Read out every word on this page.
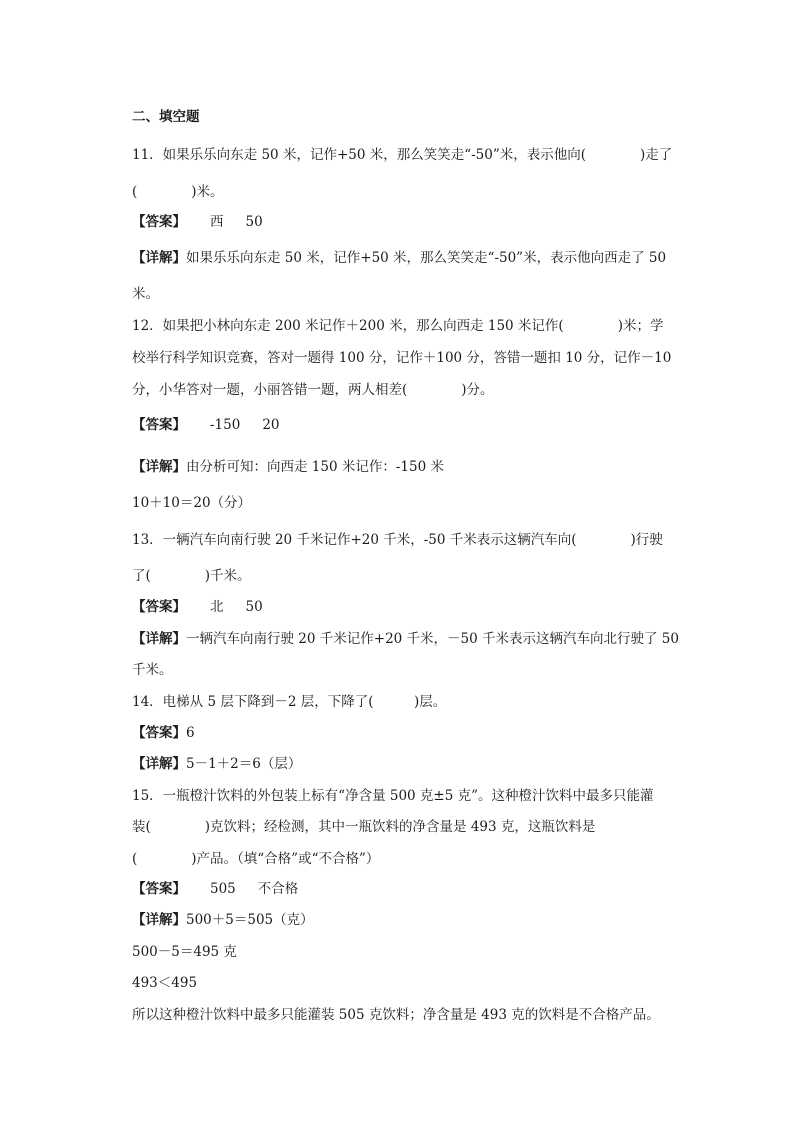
二、填空题
11．如果乐乐向东走 50 米，记作+50 米，那么笑笑走“-50”米，表示他向(　　　　)走了
(　　　　)米。
【答案】 西 50
【详解】如果乐乐向东走 50 米，记作+50 米，那么笑笑走“-50”米，表示他向西走了 50
米。
12．如果把小林向东走 200 米记作＋200 米，那么向西走 150 米记作(　　　　)米；学
校举行科学知识竞赛，答对一题得 100 分，记作＋100 分，答错一题扣 10 分，记作－10
分，小华答对一题，小丽答错一题，两人相差(　　　　)分。
【答案】 -150 20
【详解】由分析可知：向西走 150 米记作：-150 米
10＋10＝20（分）
13．一辆汽车向南行驶 20 千米记作+20 千米，-50 千米表示这辆汽车向(　　　　)行驶
了(　　　　)千米。
【答案】 北 50
【详解】一辆汽车向南行驶 20 千米记作+20 千米，－50 千米表示这辆汽车向北行驶了 50
千米。
14．电梯从 5 层下降到－2 层，下降了(　　　)层。
【答案】6
【详解】5－1＋2＝6（层）
15．一瓶橙汁饮料的外包装上标有“净含量 500 克±5 克”。这种橙汁饮料中最多只能灌
装(　　　　)克饮料；经检测，其中一瓶饮料的净含量是 493 克，这瓶饮料是
(　　　　)产品。（填“合格”或“不合格”）
【答案】 505 不合格
【详解】500＋5＝505（克）
500－5＝495 克
493＜495
所以这种橙汁饮料中最多只能灌装 505 克饮料；净含量是 493 克的饮料是不合格产品。
